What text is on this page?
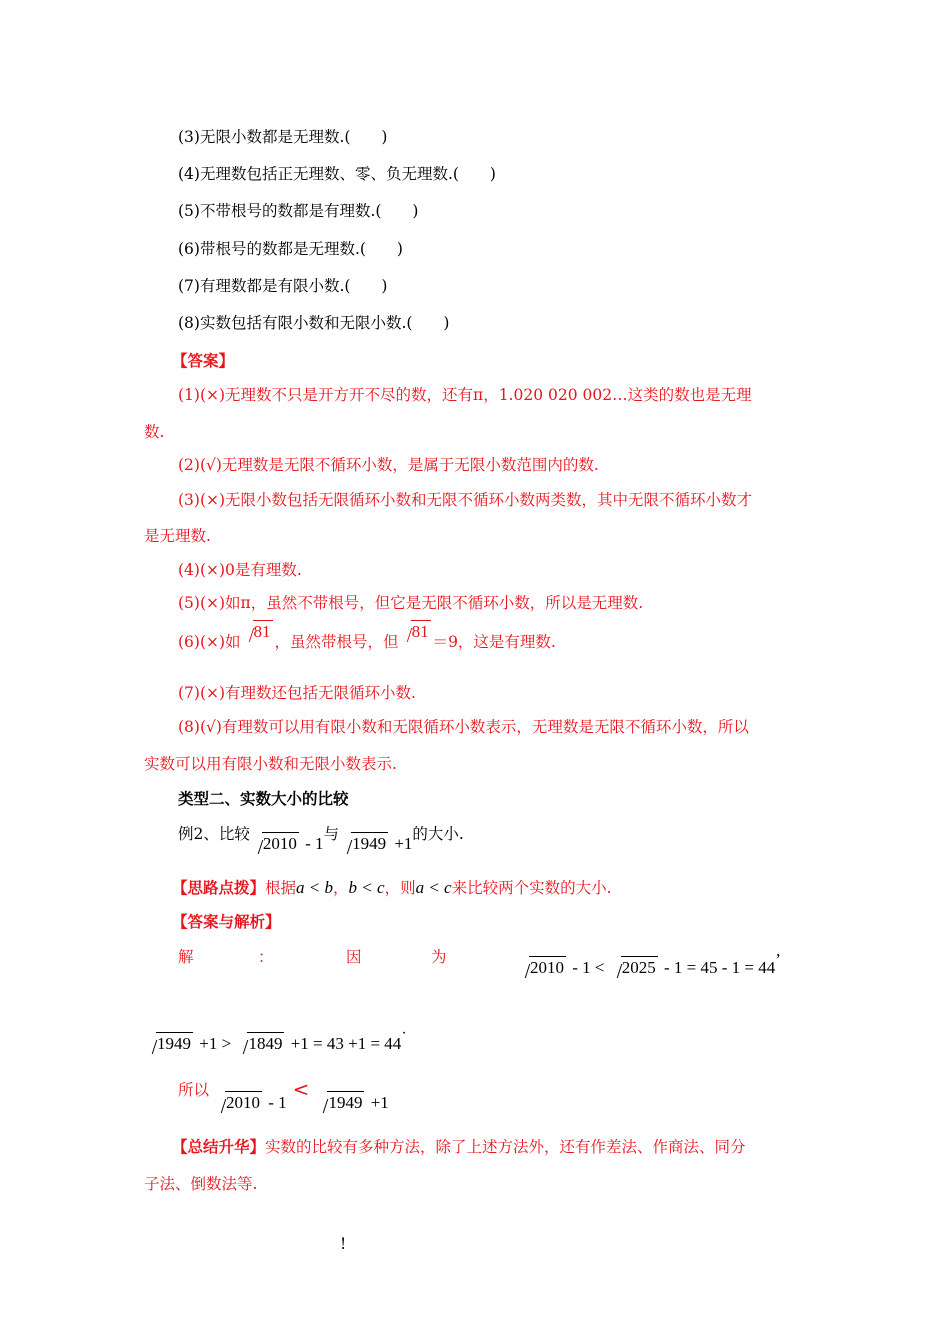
(3)无限小数都是无理数.(　　)
(4)无理数包括正无理数、零、负无理数.(　　)
(5)不带根号的数都是有理数.(　　)
(6)带根号的数都是无理数.(　　)
(7)有理数都是有限小数.(　　)
(8)实数包括有限小数和无限小数.(　　)
【答案】
(1)(×)无理数不只是开方开不尽的数，还有π，1.020 020 002…这类的数也是无理
数.
(2)(√)无理数是无限不循环小数，是属于无限小数范围内的数.
(3)(×)无限小数包括无限循环小数和无限不循环小数两类数，其中无限不循环小数才
是无理数.
(4)(×)0是有理数.
(5)(×)如π，虽然不带根号，但它是无限不循环小数，所以是无理数.
(6)(×)如81，虽然带根号，但81＝9，这是有理数.
(7)(×)有理数还包括无限循环小数.
(8)(√)有理数可以用有限小数和无限循环小数表示，无理数是无限不循环小数，所以
实数可以用有限小数和无限小数表示.
类型二、实数大小的比较
例2、比较 2010 - 1与 1949 +1的大小.
【思路点拨】根据a < b，b < c，则a < c来比较两个实数的大小.
【答案与解析】
解	：	因	为
2010 - 1 < 2025 - 1 = 45 - 1 = 44’
1949 +1 > 1849 +1 = 43 +1 = 44˙
所以
2010 - 1<1949 +1
【总结升华】实数的比较有多种方法，除了上述方法外，还有作差法、作商法、同分
子法、倒数法等.
!
